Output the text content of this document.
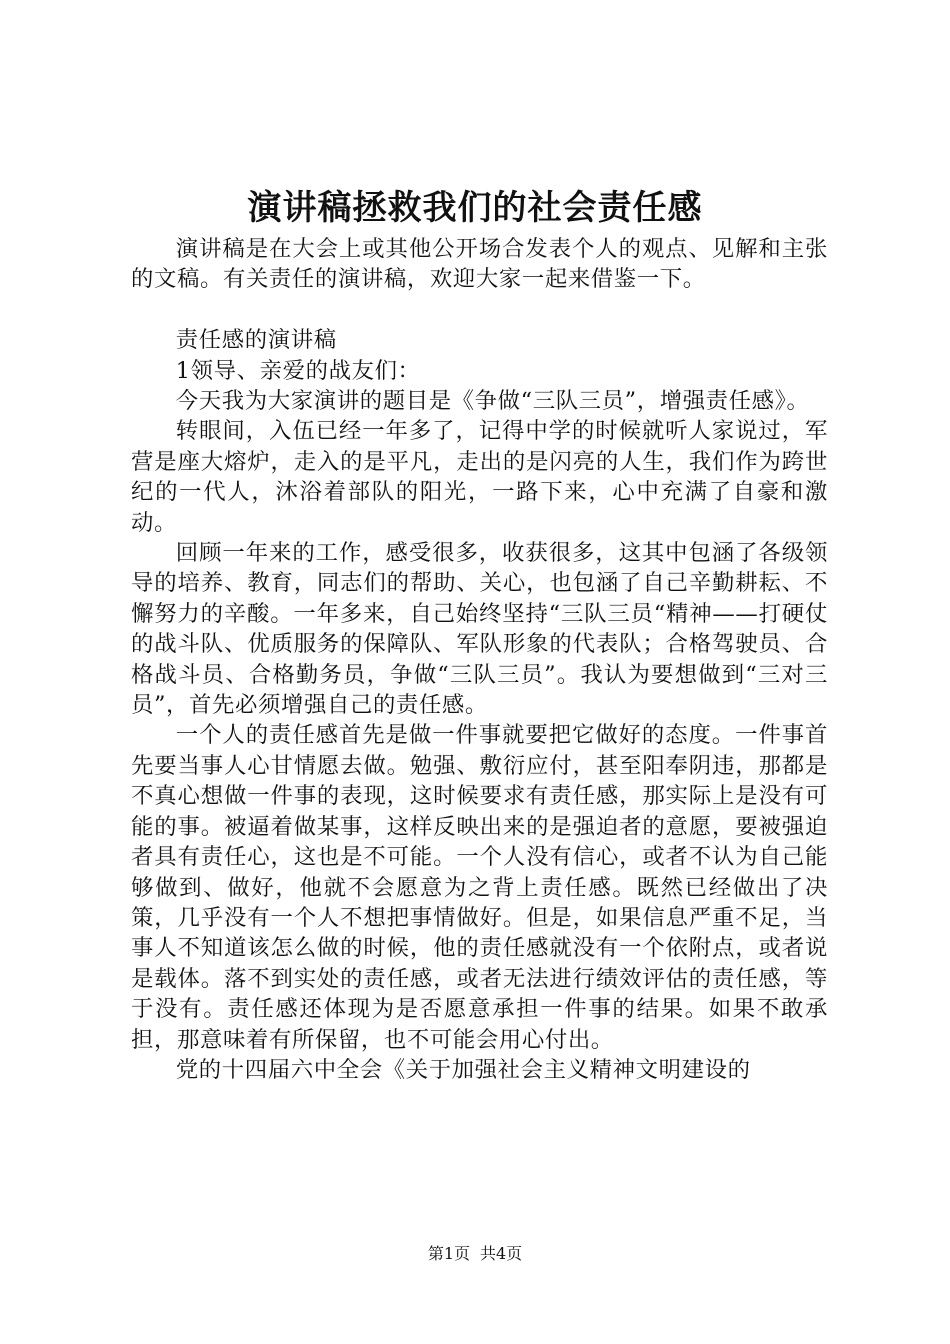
演讲稿拯救我们的社会责任感

演讲稿是在大会上或其他公开场合发表个人的观点、见解和主张的文稿。有关责任的演讲稿，欢迎大家一起来借鉴一下。

责任感的演讲稿

1领导、亲爱的战友们：

今天我为大家演讲的题目是《争做“三队三员”，增强责任感》。

转眼间，入伍已经一年多了，记得中学的时候就听人家说过，军营是座大熔炉，走入的是平凡，走出的是闪亮的人生，我们作为跨世纪的一代人，沐浴着部队的阳光，一路下来，心中充满了自豪和激动。

回顾一年来的工作，感受很多，收获很多，这其中包涵了各级领导的培养、教育，同志们的帮助、关心，也包涵了自己辛勤耕耘、不懈努力的辛酸。一年多来，自己始终坚持“三队三员“精神——打硬仗的战斗队、优质服务的保障队、军队形象的代表队；合格驾驶员、合格战斗员、合格勤务员，争做“三队三员”。我认为要想做到“三对三员”，首先必须增强自己的责任感。

一个人的责任感首先是做一件事就要把它做好的态度。一件事首先要当事人心甘情愿去做。勉强、敷衍应付，甚至阳奉阴违，那都是不真心想做一件事的表现，这时候要求有责任感，那实际上是没有可能的事。被逼着做某事，这样反映出来的是强迫者的意愿，要被强迫者具有责任心，这也是不可能。一个人没有信心，或者不认为自己能够做到、做好，他就不会愿意为之背上责任感。既然已经做出了决策，几乎没有一个人不想把事情做好。但是，如果信息严重不足，当事人不知道该怎么做的时候，他的责任感就没有一个依附点，或者说是载体。落不到实处的责任感，或者无法进行绩效评估的责任感，等于没有。责任感还体现为是否愿意承担一件事的结果。如果不敢承担，那意味着有所保留，也不可能会用心付出。

党的十四届六中全会《关于加强社会主义精神文明建设的

第1页 共4页
